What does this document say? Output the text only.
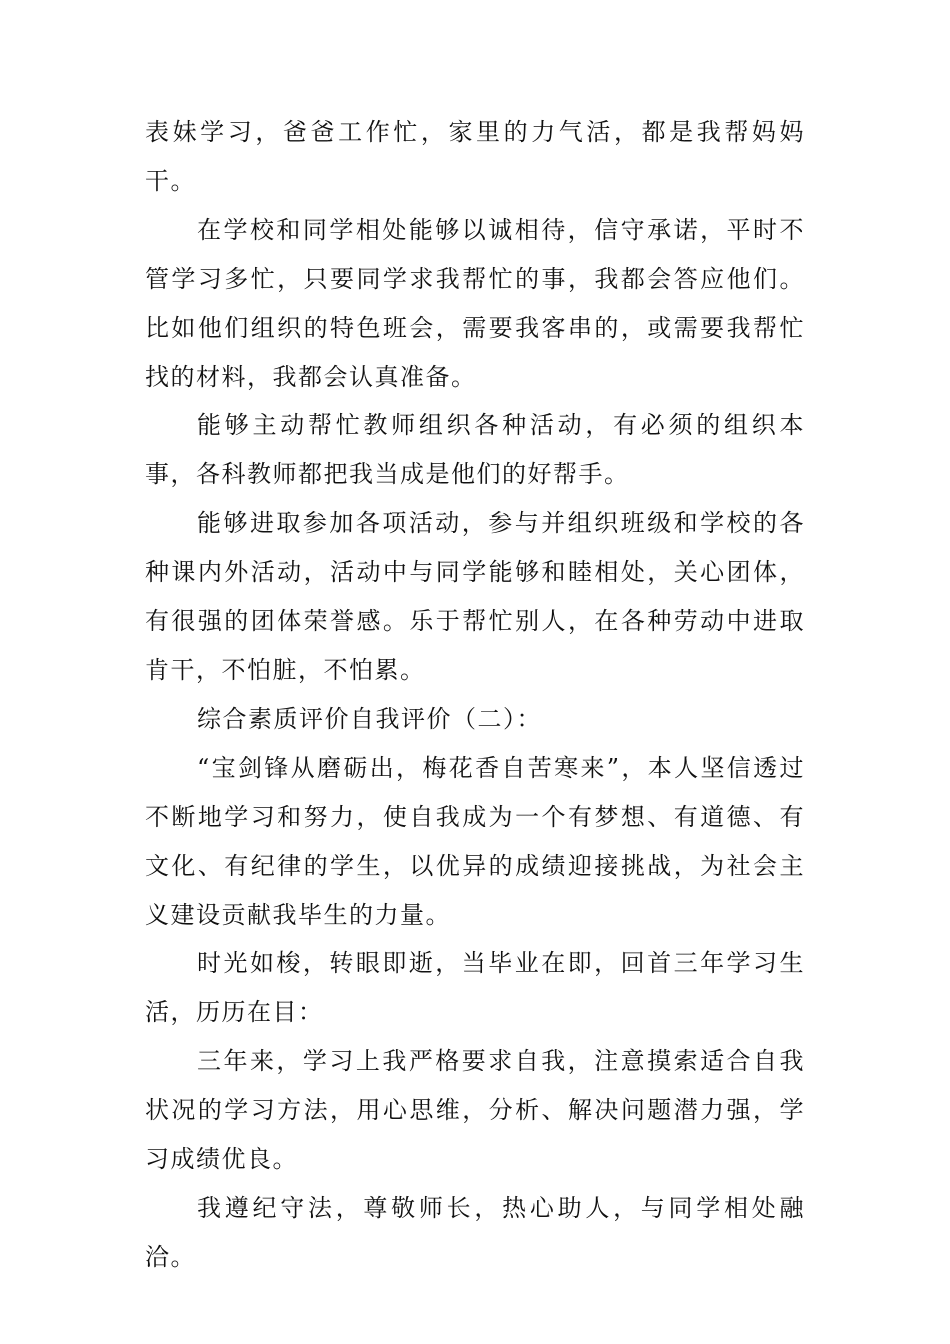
表妹学习，爸爸工作忙，家里的力气活，都是我帮妈妈干。

在学校和同学相处能够以诚相待，信守承诺，平时不管学习多忙，只要同学求我帮忙的事，我都会答应他们。比如他们组织的特色班会，需要我客串的，或需要我帮忙找的材料，我都会认真准备。

能够主动帮忙教师组织各种活动，有必须的组织本事，各科教师都把我当成是他们的好帮手。

能够进取参加各项活动，参与并组织班级和学校的各种课内外活动，活动中与同学能够和睦相处，关心团体，有很强的团体荣誉感。乐于帮忙别人，在各种劳动中进取肯干，不怕脏，不怕累。

综合素质评价自我评价（二）：

“宝剑锋从磨砺出，梅花香自苦寒来”，本人坚信透过不断地学习和努力，使自我成为一个有梦想、有道德、有文化、有纪律的学生，以优异的成绩迎接挑战，为社会主义建设贡献我毕生的力量。

时光如梭，转眼即逝，当毕业在即，回首三年学习生活，历历在目：

三年来，学习上我严格要求自我，注意摸索适合自我状况的学习方法，用心思维，分析、解决问题潜力强，学习成绩优良。

我遵纪守法，尊敬师长，热心助人，与同学相处融洽。
